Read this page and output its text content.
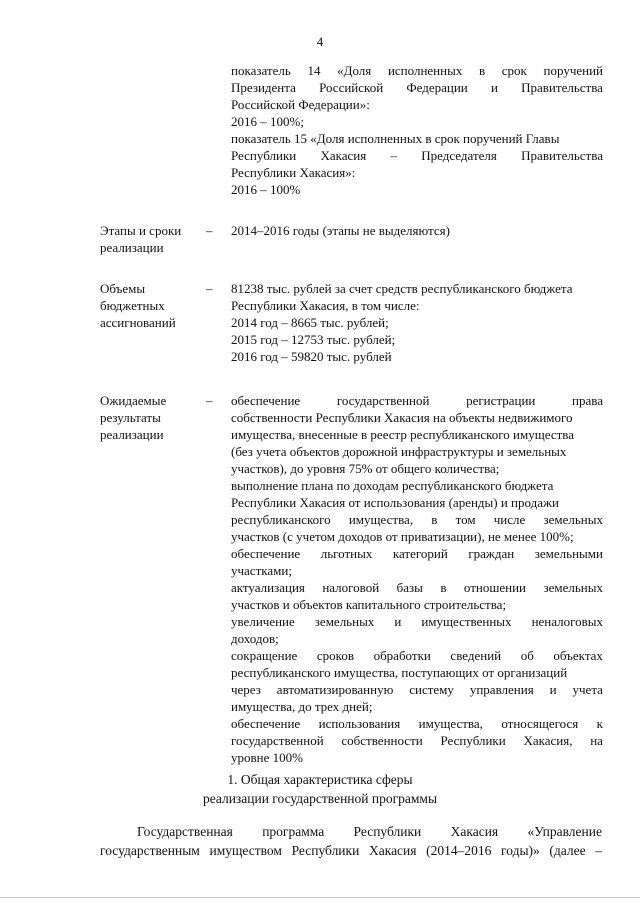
4
показатель 14 «Доля исполненных в срок поручений
Президента Российской Федерации и Правительства
Российской Федерации»:
2016 – 100%;
показатель 15 «Доля исполненных в срок поручений Главы
Республики Хакасия – Председателя Правительства
Республики Хакасия»:
2016 – 100%
Этапы и сроки
реализации
– 2014–2016 годы (этапы не выделяются)
Объемы
бюджетных
ассигнований
– 81238 тыс. рублей за счет средств республиканского бюджета
Республики Хакасия, в том числе:
2014 год – 8665 тыс. рублей;
2015 год – 12753 тыс. рублей;
2016 год – 59820 тыс. рублей
Ожидаемые
результаты
реализации
– обеспечение	государственной	регистрации	права
собственности Республики Хакасия на объекты недвижимого
имущества, внесенные в реестр республиканского имущества
(без учета объектов дорожной инфраструктуры и земельных
участков), до уровня 75% от общего количества;
выполнение плана по доходам республиканского бюджета
Республики Хакасия от использования (аренды) и продажи
республиканского имущества, в том числе земельных
участков (с учетом доходов от приватизации), не менее 100%;
обеспечение льготных категорий граждан земельными
участками;
актуализация налоговой базы в отношении земельных
участков и объектов капитального строительства;
увеличение земельных и имущественных неналоговых
доходов;
сокращение сроков обработки сведений об объектах
республиканского имущества, поступающих от организаций
через автоматизированную систему управления и учета
имущества, до трех дней;
обеспечение использования имущества, относящегося к
государственной собственности Республики Хакасия, на
уровне 100%
1. Общая характеристика сферы
реализации государственной программы
Государственная программа Республики Хакасия «Управление
государственным имуществом Республики Хакасия (2014–2016 годы)» (далее –
